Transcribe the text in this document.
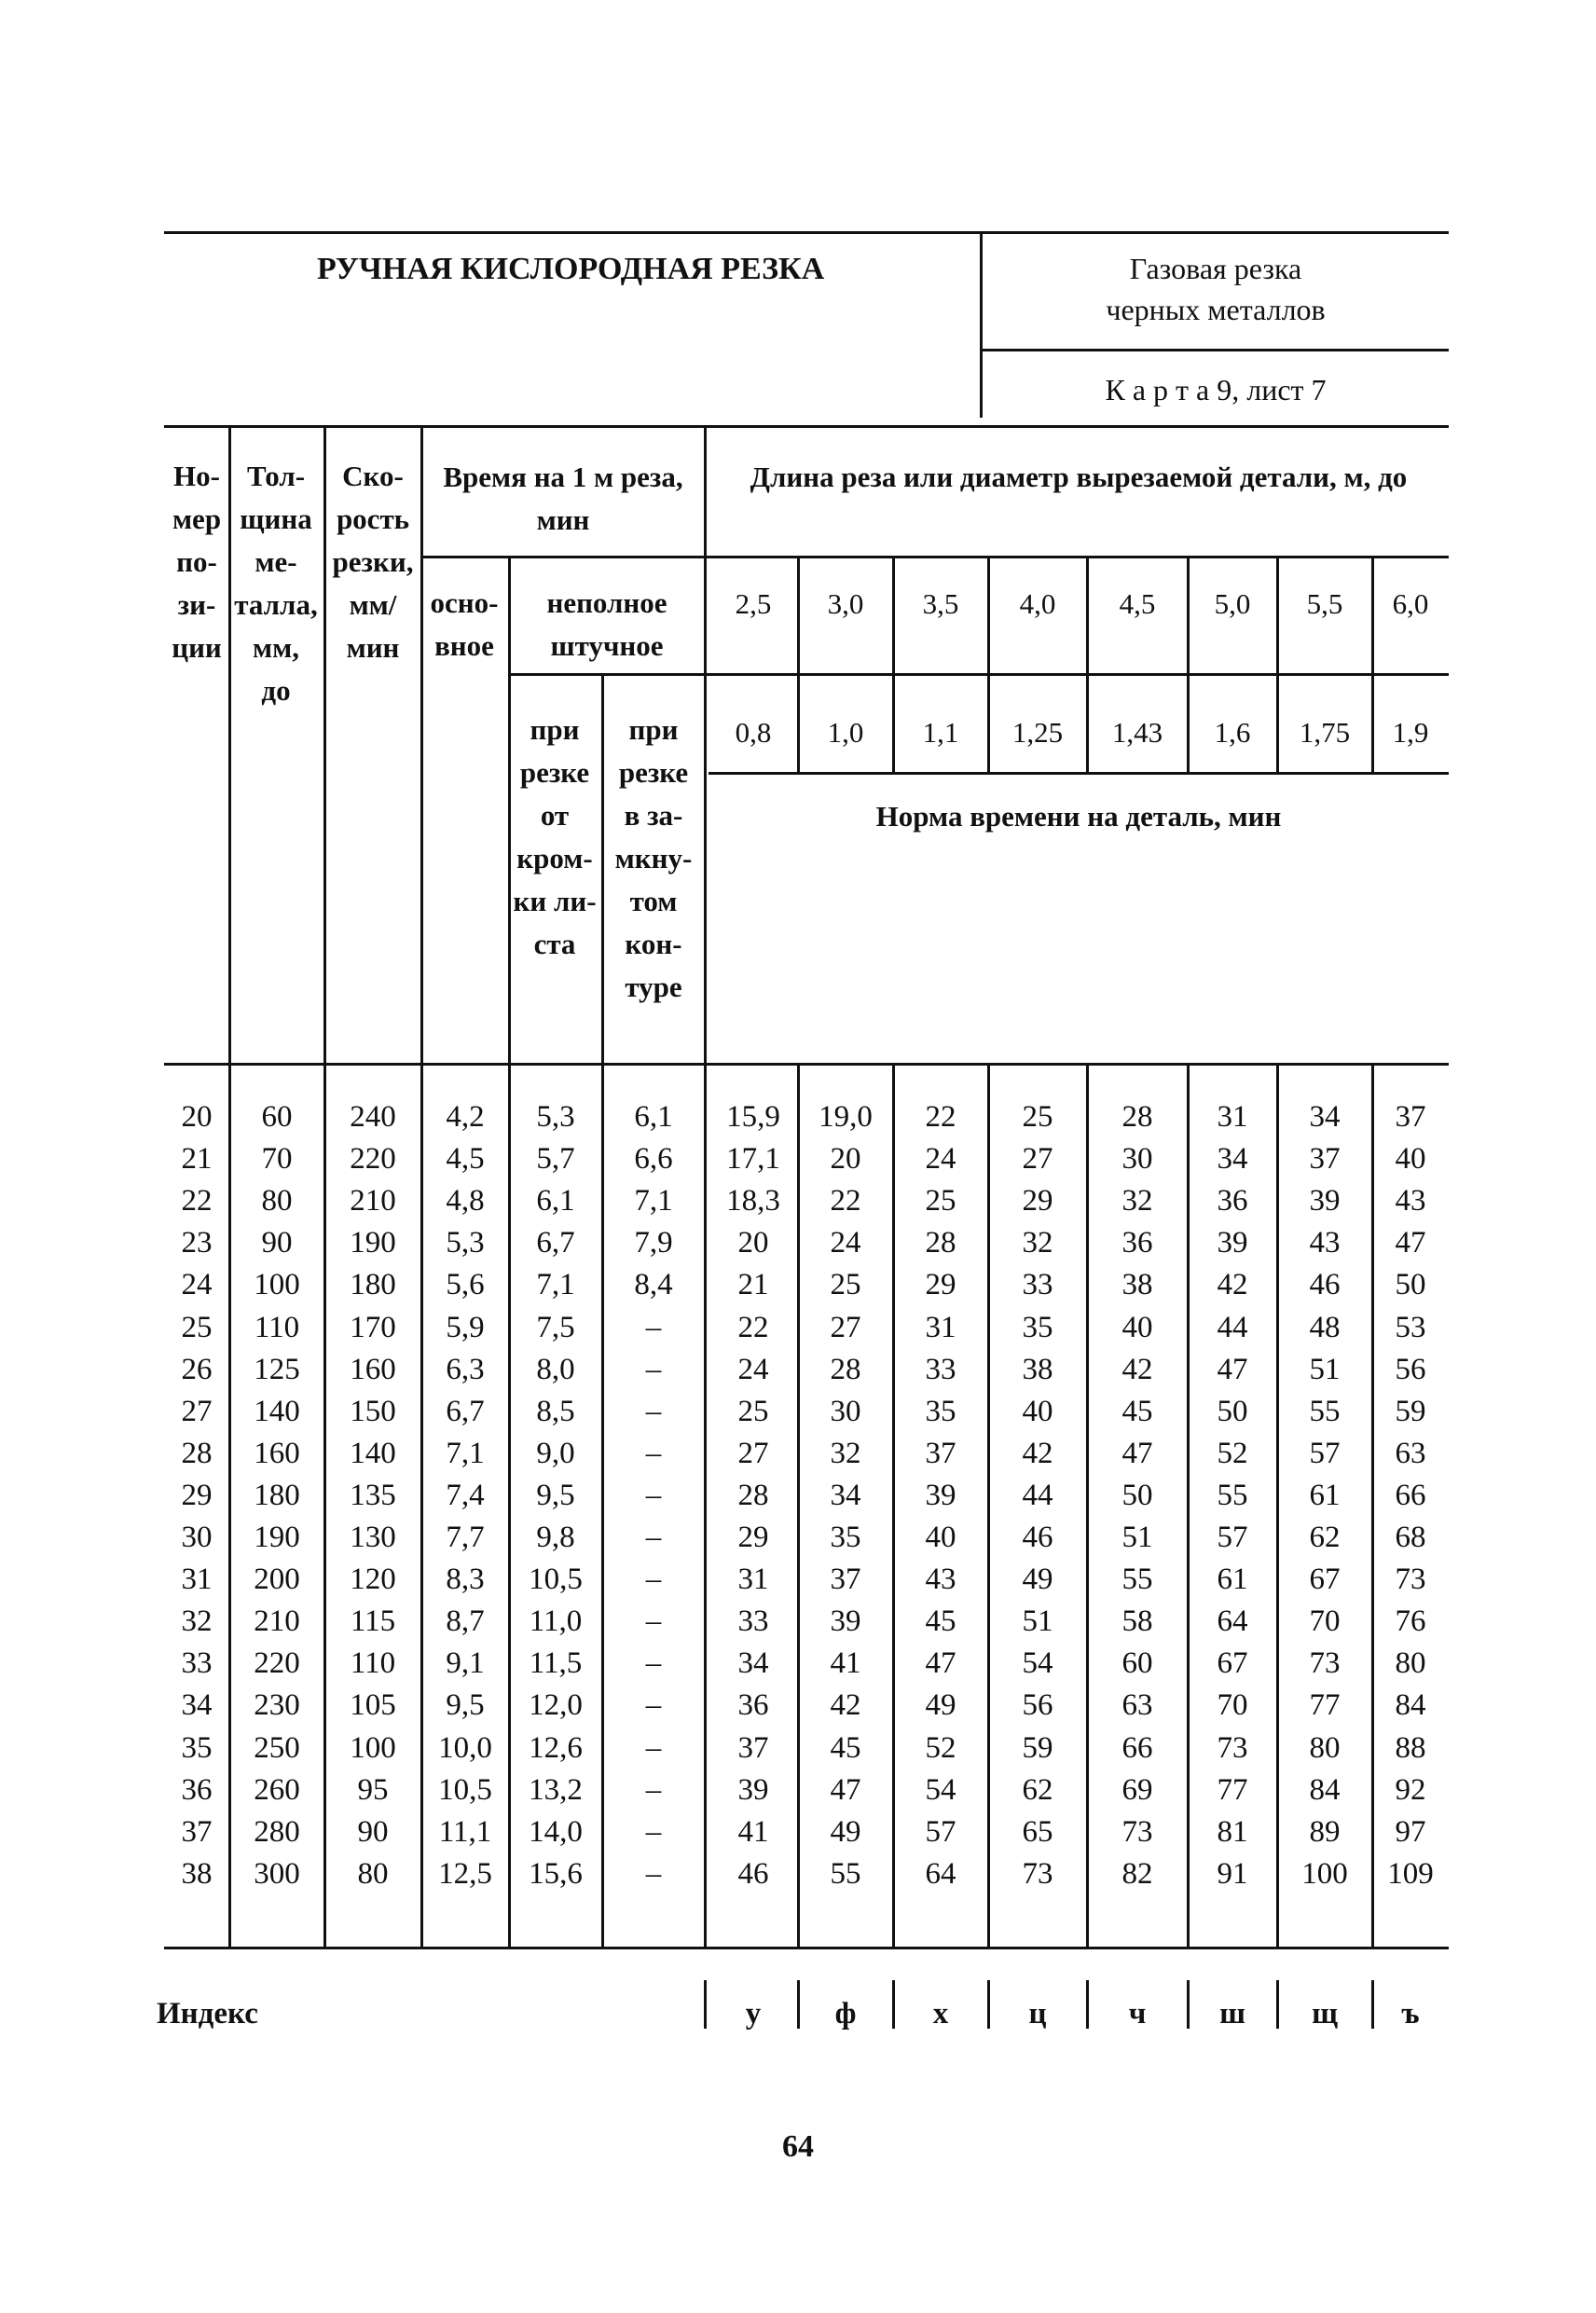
РУЧНАЯ КИСЛОРОДНАЯ РЕЗКА	Газовая резка
черных металлов
К а р т а 9, лист 7
Но-
мер
по-
зи-
ции
Тол-
щина
ме-
талла,
мм,
до
Ско-
рость
резки,
мм/
мин
Время на 1 м реза,
мин
Длина реза или диаметр вырезаемой детали, м, до
осно-
вное
неполное
штучное
при
резке
от
кром-
ки ли-
ста
при
резке
в за-
мкну-
том
кон-
туре
2,5	3,0	3,5	4,0	4,5	5,0	5,5	6,0
0,8	1,0	1,1	1,25	1,43	1,6	1,75	1,9
Норма времени на деталь, мин
20	60	240	4,2	5,3	6,1	15,9	19,0	22	25	28	31	34	37
21	70	220	4,5	5,7	6,6	17,1	20	24	27	30	34	37	40
22	80	210	4,8	6,1	7,1	18,3	22	25	29	32	36	39	43
23	90	190	5,3	6,7	7,9	20	24	28	32	36	39	43	47
24	100	180	5,6	7,1	8,4	21	25	29	33	38	42	46	50
25	110	170	5,9	7,5	–	22	27	31	35	40	44	48	53
26	125	160	6,3	8,0	–	24	28	33	38	42	47	51	56
27	140	150	6,7	8,5	–	25	30	35	40	45	50	55	59
28	160	140	7,1	9,0	–	27	32	37	42	47	52	57	63
29	180	135	7,4	9,5	–	28	34	39	44	50	55	61	66
30	190	130	7,7	9,8	–	29	35	40	46	51	57	62	68
31	200	120	8,3	10,5	–	31	37	43	49	55	61	67	73
32	210	115	8,7	11,0	–	33	39	45	51	58	64	70	76
33	220	110	9,1	11,5	–	34	41	47	54	60	67	73	80
34	230	105	9,5	12,0	–	36	42	49	56	63	70	77	84
35	250	100	10,0	12,6	–	37	45	52	59	66	73	80	88
36	260	95	10,5	13,2	–	39	47	54	62	69	77	84	92
37	280	90	11,1	14,0	–	41	49	57	65	73	81	89	97
38	300	80	12,5	15,6	–	46	55	64	73	82	91	100	109
Индекс	у	ф	х	ц	ч	ш	щ	ъ
64
